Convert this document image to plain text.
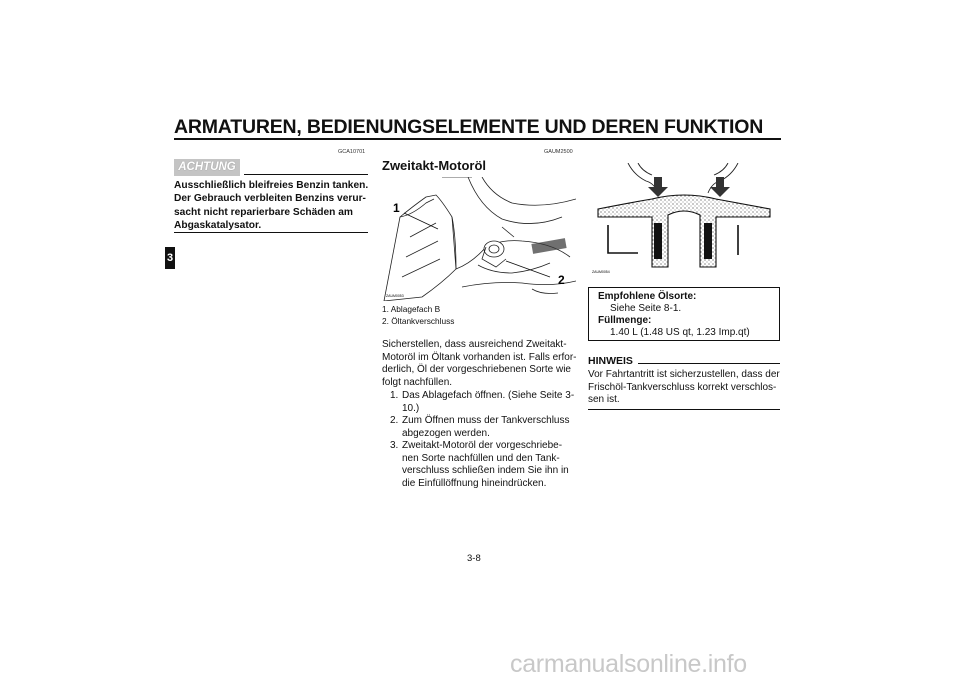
ARMATUREN, BEDIENUNGSELEMENTE UND DEREN FUNKTION
3
GCA10701
ACHTUNG
Ausschließlich bleifreies Benzin tanken. Der Gebrauch verbleiten Benzins verur-sacht nicht reparierbare Schäden am Abgaskatalysator.
GAUM2500
Zweitakt-Motoröl
1
2
ZAUM0053
1. Ablagefach B
2. Öltankverschluss
Sicherstellen, dass ausreichend Zweitakt-Motoröl im Öltank vorhanden ist. Falls erfor-derlich, Öl der vorgeschriebenen Sorte wie folgt nachfüllen.
1. Das Ablagefach öffnen. (Siehe Seite 3-10.)
2. Zum Öffnen muss der Tankverschluss abgezogen werden.
3. Zweitakt-Motoröl der vorgeschriebe-nen Sorte nachfüllen und den Tank-verschluss schließen indem Sie ihn in die Einfüllöffnung hineindrücken.
ZAUM0054
Empfohlene Ölsorte:
Siehe Seite 8-1.
Füllmenge:
1.40 L (1.48 US qt, 1.23 Imp.qt)
HINWEIS
Vor Fahrtantritt ist sicherzustellen, dass der Frischöl-Tankverschluss korrekt verschlos-sen ist.
3-8
carmanualsonline.info
